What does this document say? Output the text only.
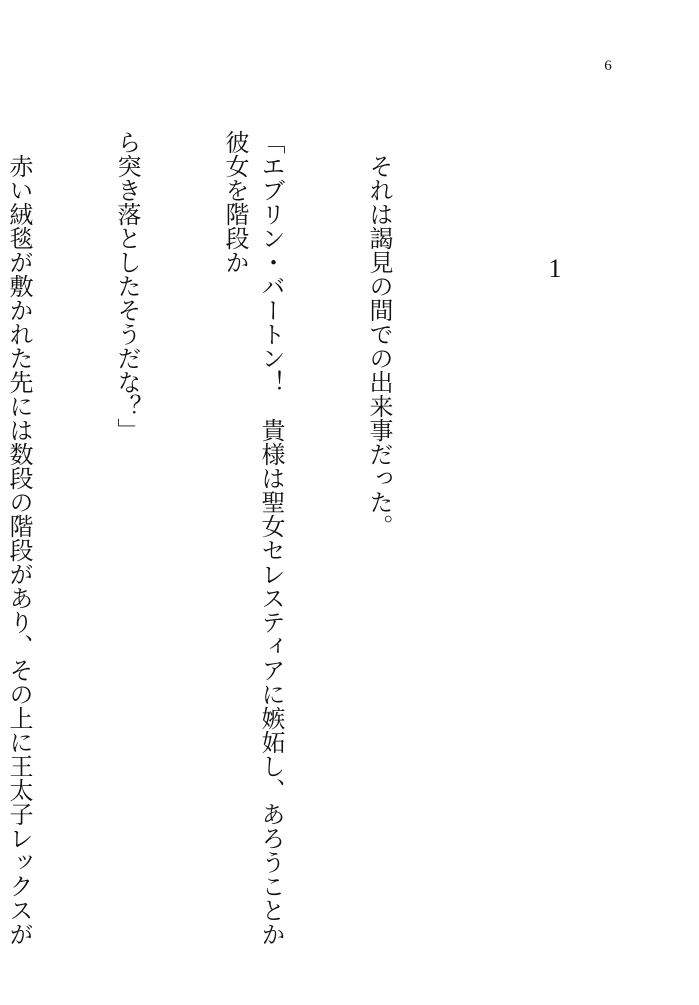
6
1

それは謁見の間での出来事だった。

「エブリン・バートン！　貴様は聖女セレスティアに嫉妬し、あろうことか彼女を階段か

ら突き落としたそうだな？」

赤い絨毯が敷かれた先には数段の階段があり、その上に王太子レックスが
